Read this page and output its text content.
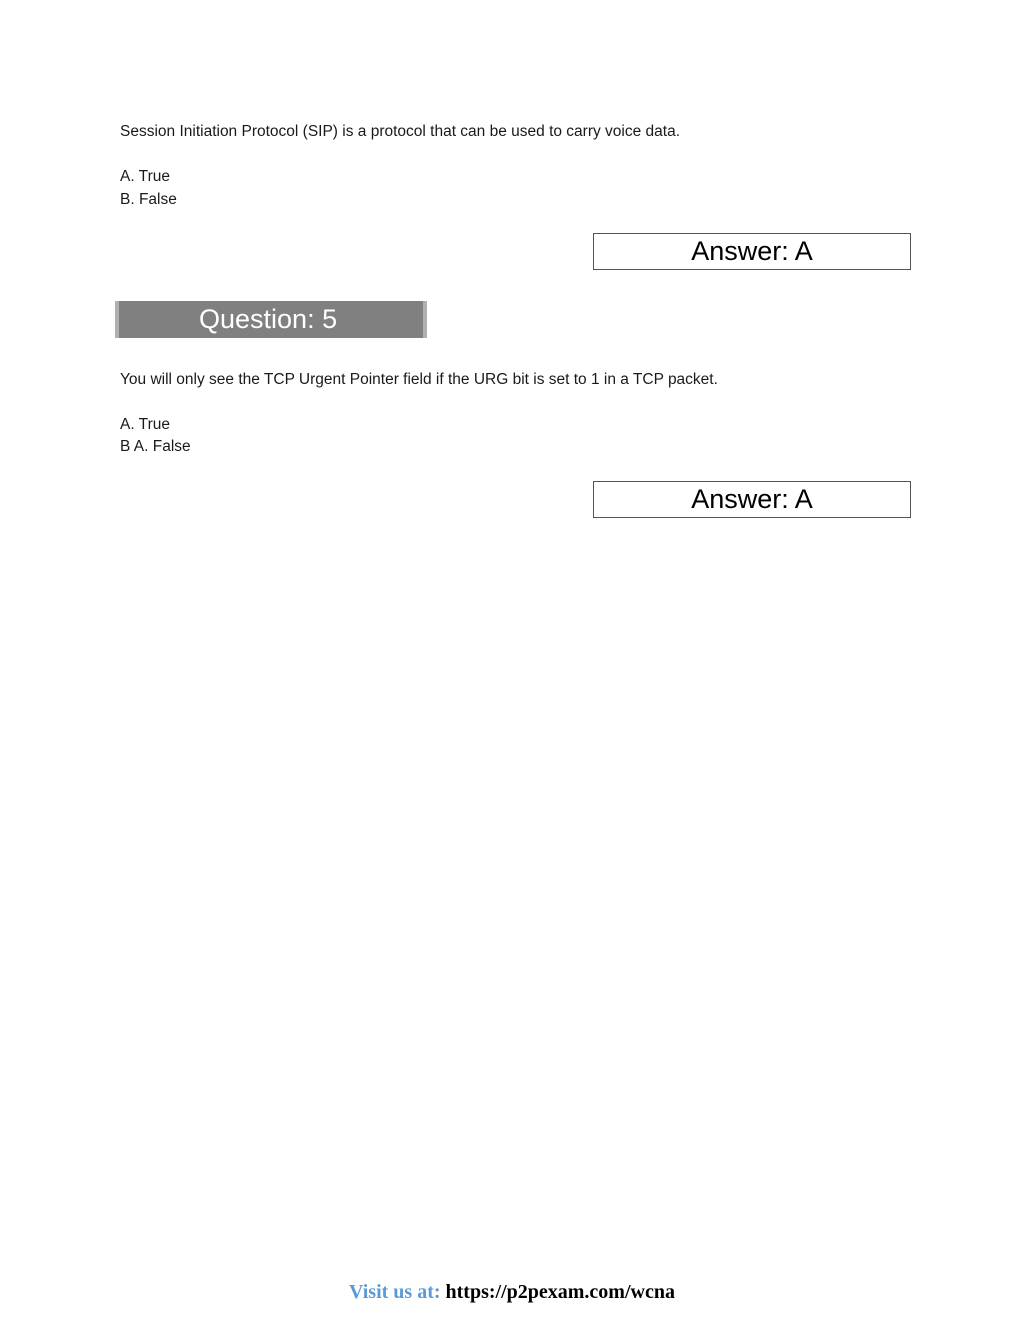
Session Initiation Protocol (SIP) is a protocol that can be used to carry voice data.
A. True
B. False
Answer: A
Question: 5
You will only see the TCP Urgent Pointer field if the URG bit is set to 1 in a TCP packet.
A. True
B A. False
Answer: A
Visit us at: https://p2pexam.com/wcna
